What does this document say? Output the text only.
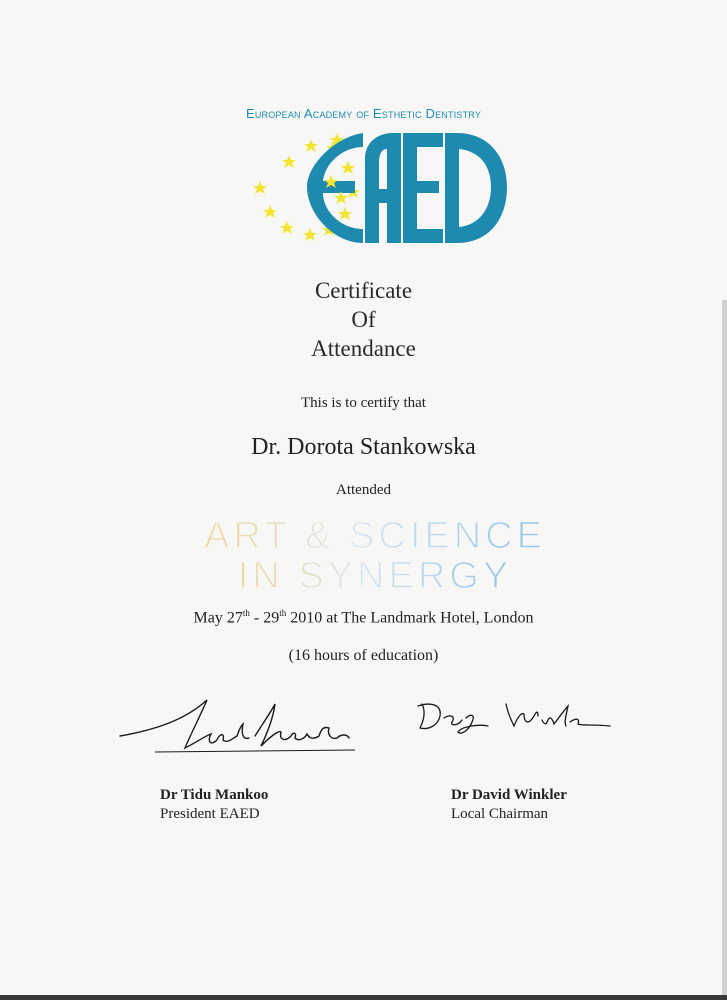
European Academy of Esthetic Dentistry
Certificate
Of
Attendance
This is to certify that
Dr. Dorota Stankowska
Attended
ART & SCIENCE
IN SYNERGY
May 27th - 29th 2010 at The Landmark Hotel, London
(16 hours of education)
Dr Tidu Mankoo
President EAED
Dr David Winkler
Local Chairman
